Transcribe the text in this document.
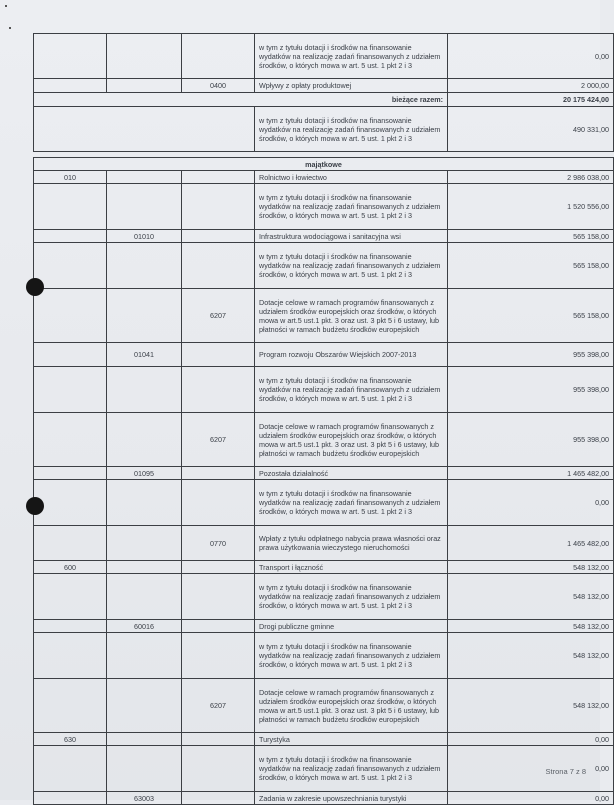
			w tym z tytułu dotacji i środków na finansowanie wydatków na realizację zadań finansowanych z udziałem środków, o których mowa w art. 5 ust. 1 pkt 2 i 3	0,00
		0400	Wpływy z opłaty produktowej	2 000,00
bieżące razem:				20 175 424,00
			w tym z tytułu dotacji i środków na finansowanie wydatków na realizację zadań finansowanych z udziałem środków, o których mowa w art. 5 ust. 1 pkt 2 i 3	490 331,00
majątkowe				
010			Rolnictwo i łowiectwo	2 986 038,00
			w tym z tytułu dotacji i środków na finansowanie wydatków na realizację zadań finansowanych z udziałem środków, o których mowa w art. 5 ust. 1 pkt 2 i 3	1 520 556,00
	01010		Infrastruktura wodociągowa i sanitacyjna wsi	565 158,00
			w tym z tytułu dotacji i środków na finansowanie wydatków na realizację zadań finansowanych z udziałem środków, o których mowa w art. 5 ust. 1 pkt 2 i 3	565 158,00
		6207	Dotacje celowe w ramach programów finansowanych z udziałem środków europejskich oraz środków, o których mowa w art.5 ust.1 pkt. 3 oraz ust. 3 pkt 5 i 6 ustawy, lub płatności w ramach budżetu środków europejskich	565 158,00
	01041		Program rozwoju Obszarów Wiejskich 2007-2013	955 398,00
			w tym z tytułu dotacji i środków na finansowanie wydatków na realizację zadań finansowanych z udziałem środków, o których mowa w art. 5 ust. 1 pkt 2 i 3	955 398,00
		6207	Dotacje celowe w ramach programów finansowanych z udziałem środków europejskich oraz środków, o których mowa w art.5 ust.1 pkt. 3 oraz ust. 3 pkt 5 i 6 ustawy, lub płatności w ramach budżetu środków europejskich	955 398,00
	01095		Pozostała działalność	1 465 482,00
			w tym z tytułu dotacji i środków na finansowanie wydatków na realizację zadań finansowanych z udziałem środków, o których mowa w art. 5 ust. 1 pkt 2 i 3	0,00
		0770	Wpłaty z tytułu odpłatnego nabycia prawa własności oraz prawa użytkowania wieczystego nieruchomości	1 465 482,00
600			Transport i łączność	548 132,00
			w tym z tytułu dotacji i środków na finansowanie wydatków na realizację zadań finansowanych z udziałem środków, o których mowa w art. 5 ust. 1 pkt 2 i 3	548 132,00
	60016		Drogi publiczne gminne	548 132,00
			w tym z tytułu dotacji i środków na finansowanie wydatków na realizację zadań finansowanych z udziałem środków, o których mowa w art. 5 ust. 1 pkt 2 i 3	548 132,00
		6207	Dotacje celowe w ramach programów finansowanych z udziałem środków europejskich oraz środków, o których mowa w art.5 ust.1 pkt. 3 oraz ust. 3 pkt 5 i 6 ustawy, lub płatności w ramach budżetu środków europejskich	548 132,00
630			Turystyka	0,00
			w tym z tytułu dotacji i środków na finansowanie wydatków na realizację zadań finansowanych z udziałem środków, o których mowa w art. 5 ust. 1 pkt 2 i 3	0,00
	63003		Zadania w zakresie upowszechniania turystyki	0,00
Strona 7 z 8
